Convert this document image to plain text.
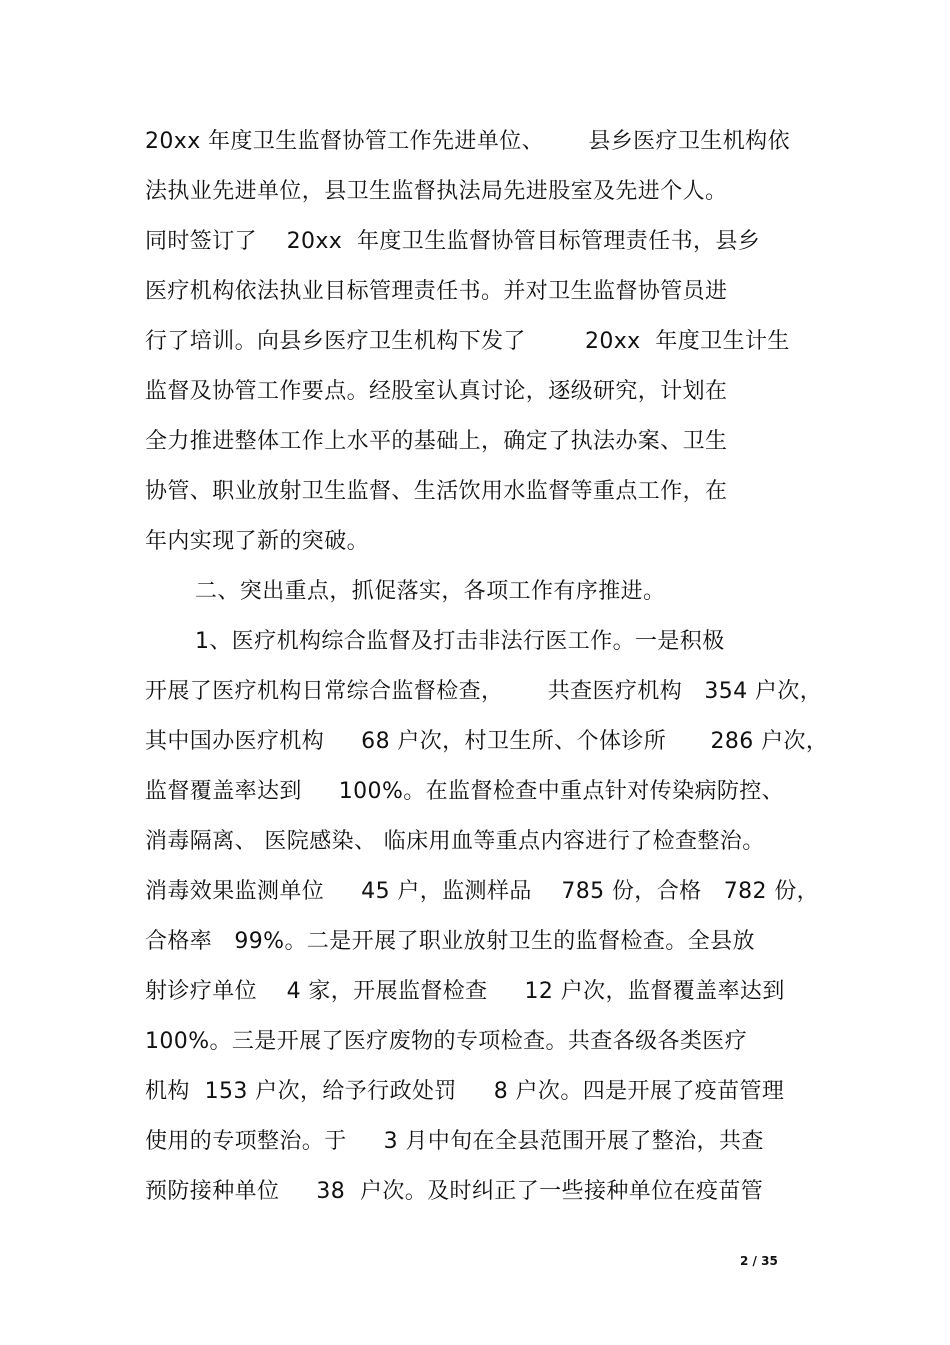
20xx 年度卫生监督协管工作先进单位、      县乡医疗卫生机构依
法执业先进单位，县卫生监督执法局先进股室及先进个人。
同时签订了    20xx  年度卫生监督协管目标管理责任书，县乡
医疗机构依法执业目标管理责任书。并对卫生监督协管员进
行了培训。向县乡医疗卫生机构下发了        20xx  年度卫生计生
监督及协管工作要点。经股室认真讨论，逐级研究，计划在
全力推进整体工作上水平的基础上，确定了执法办案、卫生
协管、职业放射卫生监督、生活饮用水监督等重点工作，在
年内实现了新的突破。
二、突出重点，抓促落实，各项工作有序推进。
1、医疗机构综合监督及打击非法行医工作。一是积极
开展了医疗机构日常综合监督检查，      共查医疗机构   354 户次，
其中国办医疗机构     68 户次，村卫生所、个体诊所      286 户次，
监督覆盖率达到     100%。在监督检查中重点针对传染病防控、
消毒隔离、 医院感染、 临床用血等重点内容进行了检查整治。
消毒效果监测单位     45 户，监测样品    785 份，合格   782 份，
合格率   99%。二是开展了职业放射卫生的监督检查。全县放
射诊疗单位    4 家，开展监督检查     12 户次，监督覆盖率达到
100%。三是开展了医疗废物的专项检查。共查各级各类医疗
机构  153 户次，给予行政处罚     8 户次。四是开展了疫苗管理
使用的专项整治。于     3 月中旬在全县范围开展了整治，共查
预防接种单位     38  户次。及时纠正了一些接种单位在疫苗管
2 / 35
